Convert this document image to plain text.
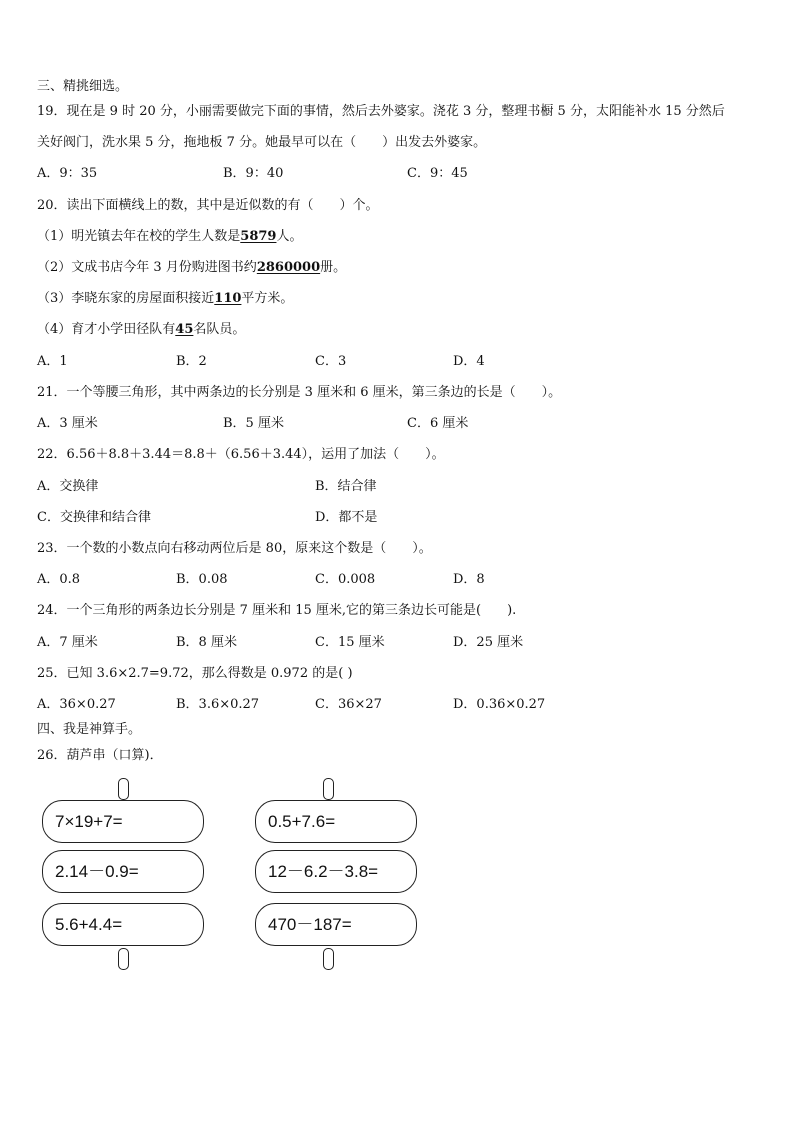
三、精挑细选。
19．现在是 9 时 20 分，小丽需要做完下面的事情，然后去外婆家。浇花 3 分，整理书橱 5 分，太阳能补水 15 分然后
关好阀门，洗水果 5 分，拖地板 7 分。她最早可以在（　　）出发去外婆家。
A．9：35	B．9：40	C．9：45
20．读出下面横线上的数，其中是近似数的有（　　）个。
（1）明光镇去年在校的学生人数是5879人。
（2）文成书店今年 3 月份购进图书约2860000册。
（3）李晓东家的房屋面积接近110平方米。
（4）育才小学田径队有45名队员。
A．1	B．2	C．3	D．4
21．一个等腰三角形，其中两条边的长分别是 3 厘米和 6 厘米，第三条边的长是（　　）。
A．3 厘米	B．5 厘米	C．6 厘米
22．6.56＋8.8＋3.44＝8.8＋（6.56＋3.44），运用了加法（　　）。
A．交换律	B．结合律
C．交换律和结合律	D．都不是
23．一个数的小数点向右移动两位后是 80，原来这个数是（　　）。
A．0.8	B．0.08	C．0.008	D．8
24．一个三角形的两条边长分别是 7 厘米和 15 厘米,它的第三条边长可能是(　　).
A．7 厘米	B．8 厘米	C．15 厘米	D．25 厘米
25．已知 3.6×2.7=9.72，那么得数是 0.972 的是( )
A．36×0.27	B．3.6×0.27	C．36×27	D．0.36×0.27
四、我是神算手。
26．葫芦串（口算)．
7×19+7=
2.14－0.9=
5.6+4.4=
0.5+7.6=
12－6.2－3.8=
470－187=
